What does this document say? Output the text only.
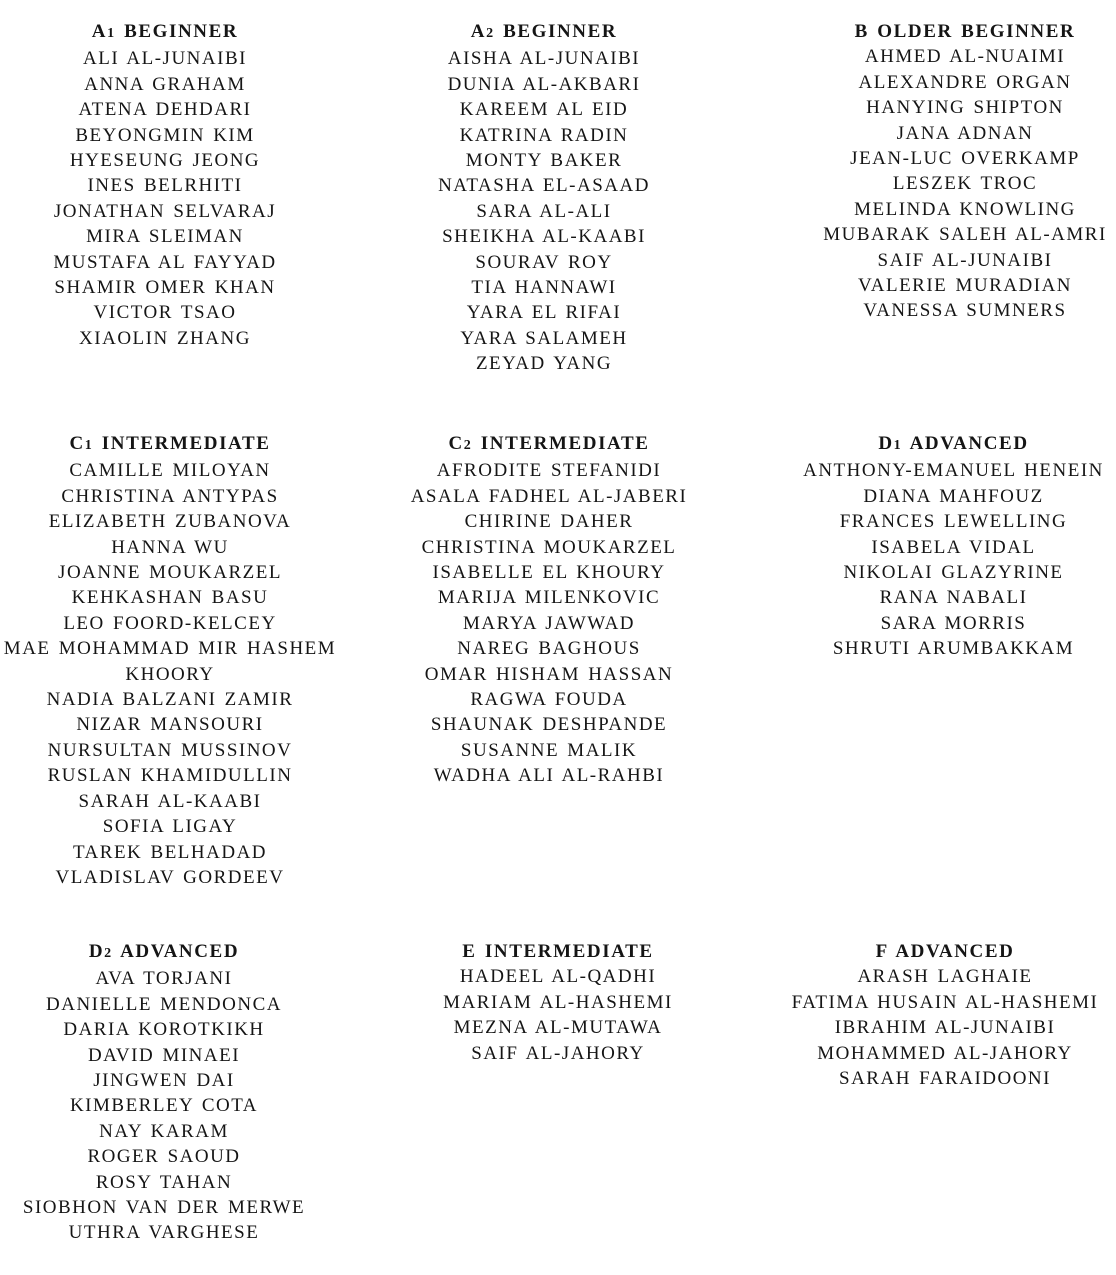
A1 BEGINNER
ALI AL-JUNAIBI
ANNA GRAHAM
ATENA DEHDARI
BEYONGMIN KIM
HYESEUNG JEONG
INES BELRHITI
JONATHAN SELVARAJ
MIRA SLEIMAN
MUSTAFA AL FAYYAD
SHAMIR OMER KHAN
VICTOR TSAO
XIAOLIN ZHANG
A2 BEGINNER
AISHA AL-JUNAIBI
DUNIA AL-AKBARI
KAREEM AL EID
KATRINA RADIN
MONTY BAKER
NATASHA EL-ASAAD
SARA AL-ALI
SHEIKHA AL-KAABI
SOURAV ROY
TIA HANNAWI
YARA EL RIFAI
YARA SALAMEH
ZEYAD YANG
B OLDER BEGINNER
AHMED AL-NUAIMI
ALEXANDRE ORGAN
HANYING SHIPTON
JANA ADNAN
JEAN-LUC OVERKAMP
LESZEK TROC
MELINDA KNOWLING
MUBARAK SALEH AL-AMRI
SAIF AL-JUNAIBI
VALERIE MURADIAN
VANESSA SUMNERS
C1 INTERMEDIATE
CAMILLE MILOYAN
CHRISTINA ANTYPAS
ELIZABETH ZUBANOVA
HANNA WU
JOANNE MOUKARZEL
KEHKASHAN BASU
LEO FOORD-KELCEY
MAE MOHAMMAD MIR HASHEM KHOORY
NADIA BALZANI ZAMIR
NIZAR MANSOURI
NURSULTAN MUSSINOV
RUSLAN KHAMIDULLIN
SARAH AL-KAABI
SOFIA LIGAY
TAREK BELHADAD
VLADISLAV GORDEEV
C2 INTERMEDIATE
AFRODITE STEFANIDI
ASALA FADHEL AL-JABERI
CHIRINE DAHER
CHRISTINA MOUKARZEL
ISABELLE EL KHOURY
MARIJA MILENKOVIC
MARYA JAWWAD
NAREG BAGHOUS
OMAR HISHAM HASSAN
RAGWA FOUDA
SHAUNAK DESHPANDE
SUSANNE MALIK
WADHA ALI AL-RAHBI
D1 ADVANCED
ANTHONY-EMANUEL HENEIN
DIANA MAHFOUZ
FRANCES LEWELLING
ISABELA VIDAL
NIKOLAI GLAZYRINE
RANA NABALI
SARA MORRIS
SHRUTI ARUMBAKKAM
D2 ADVANCED
AVA TORJANI
DANIELLE MENDONCA
DARIA KOROTKIKH
DAVID MINAEI
JINGWEN DAI
KIMBERLEY COTA
NAY KARAM
ROGER SAOUD
ROSY TAHAN
SIOBHON VAN DER MERWE
UTHRA VARGHESE
E INTERMEDIATE
HADEEL AL-QADHI
MARIAM AL-HASHEMI
MEZNA AL-MUTAWA
SAIF AL-JAHORY
F ADVANCED
ARASH LAGHAIE
FATIMA HUSAIN AL-HASHEMI
IBRAHIM AL-JUNAIBI
MOHAMMED AL-JAHORY
SARAH FARAIDOONI
